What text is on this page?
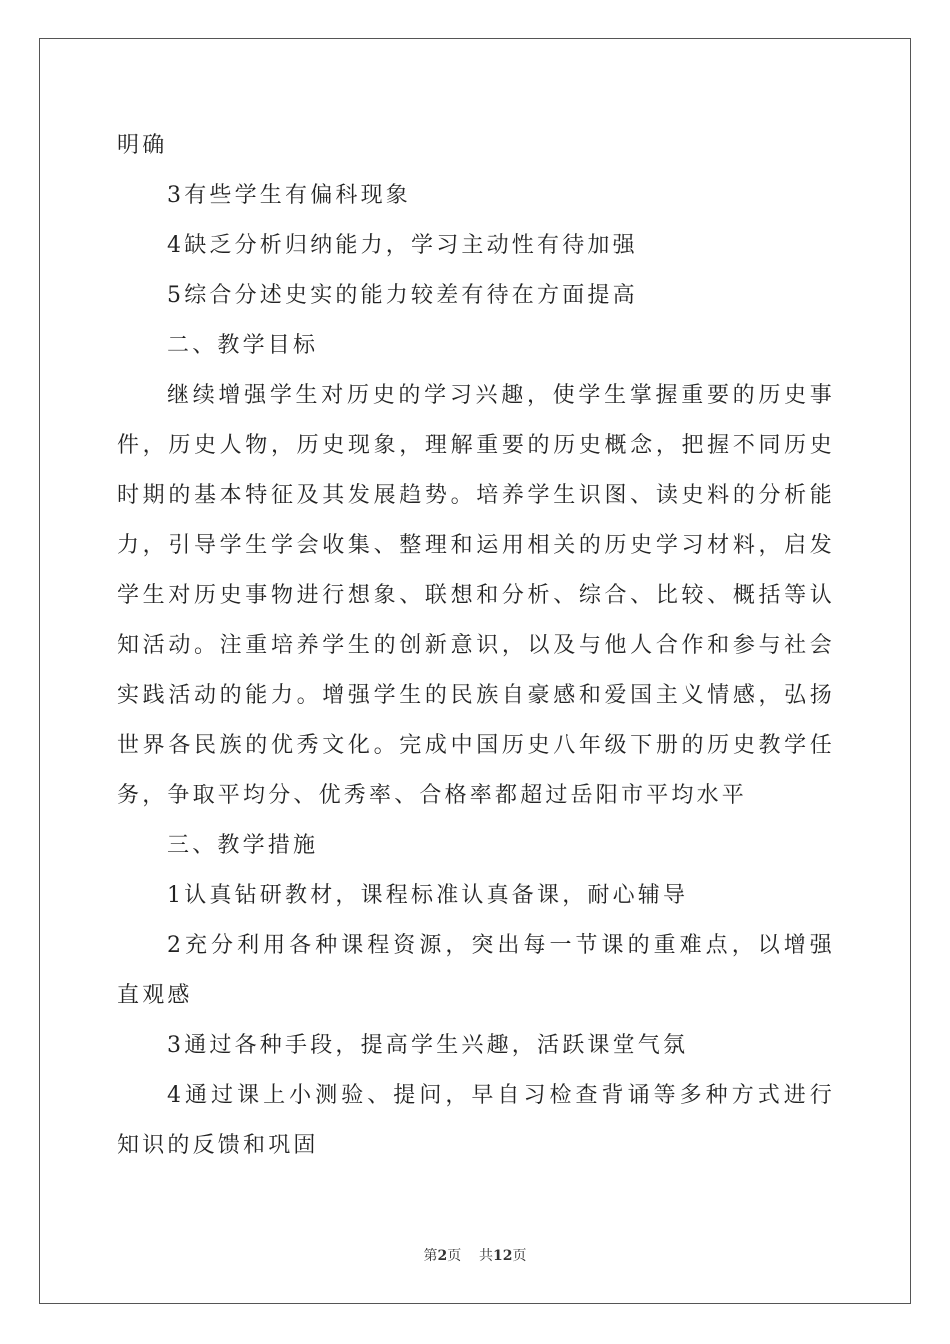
明确

3有些学生有偏科现象

4缺乏分析归纳能力，学习主动性有待加强

5综合分述史实的能力较差有待在方面提高

二、教学目标

继续增强学生对历史的学习兴趣，使学生掌握重要的历史事件，历史人物，历史现象，理解重要的历史概念，把握不同历史时期的基本特征及其发展趋势。培养学生识图、读史料的分析能力，引导学生学会收集、整理和运用相关的历史学习材料，启发学生对历史事物进行想象、联想和分析、综合、比较、概括等认知活动。注重培养学生的创新意识，以及与他人合作和参与社会实践活动的能力。增强学生的民族自豪感和爱国主义情感，弘扬世界各民族的优秀文化。完成中国历史八年级下册的历史教学任务，争取平均分、优秀率、合格率都超过岳阳市平均水平

三、教学措施

1认真钻研教材，课程标准认真备课，耐心辅导

2充分利用各种课程资源，突出每一节课的重难点，以增强直观感

3通过各种手段，提高学生兴趣，活跃课堂气氛

4通过课上小测验、提问，早自习检查背诵等多种方式进行知识的反馈和巩固

第2页 共12页
